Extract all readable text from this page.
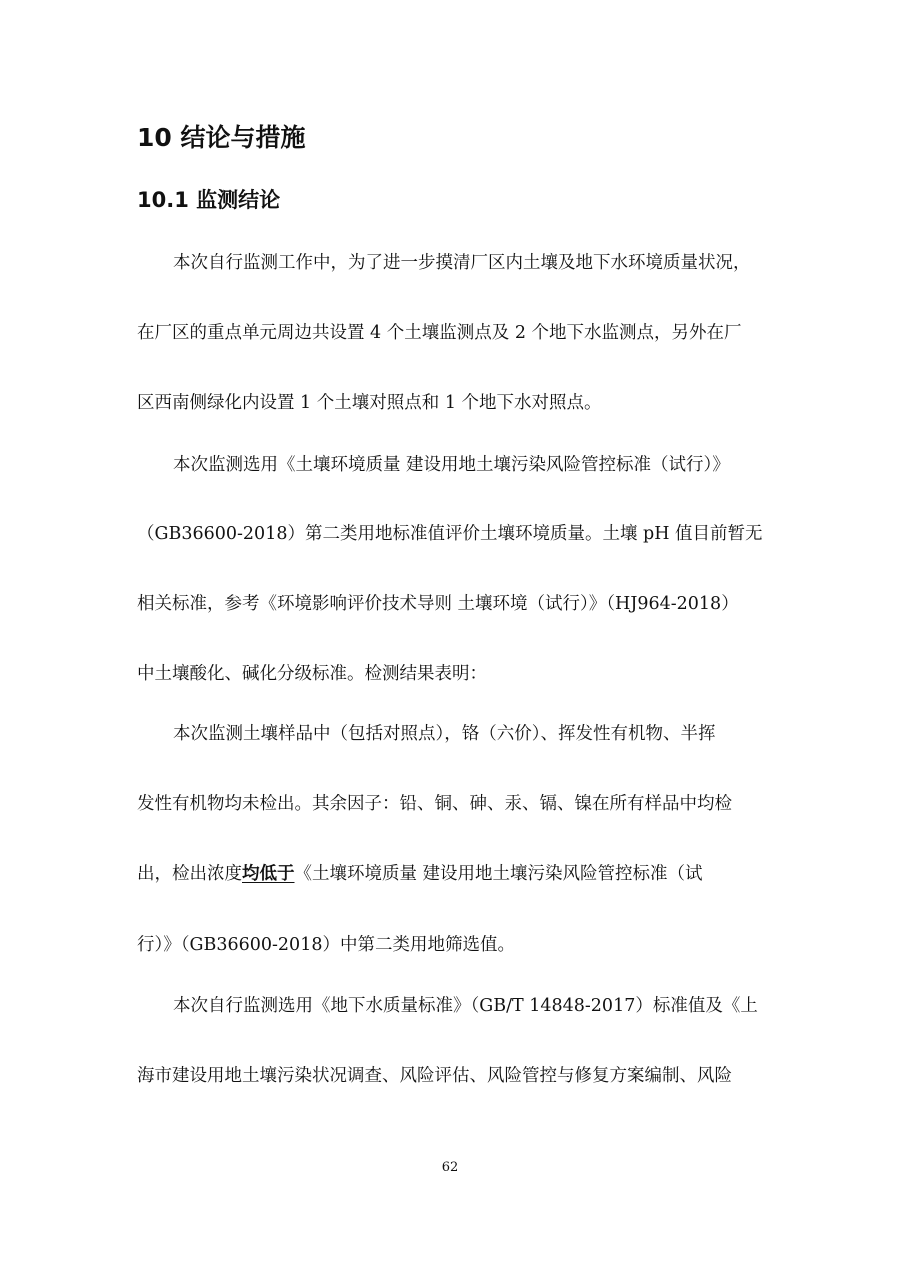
10 结论与措施
10.1 监测结论
本次自行监测工作中，为了进一步摸清厂区内土壤及地下水环境质量状况，
在厂区的重点单元周边共设置 4 个土壤监测点及 2 个地下水监测点，另外在厂
区西南侧绿化内设置 1 个土壤对照点和 1 个地下水对照点。
本次监测选用《土壤环境质量 建设用地土壤污染风险管控标准（试行）》
（GB36600-2018）第二类用地标准值评价土壤环境质量。土壤 pH 值目前暂无
相关标准，参考《环境影响评价技术导则 土壤环境（试行）》（HJ964-2018）
中土壤酸化、碱化分级标准。检测结果表明：
本次监测土壤样品中（包括对照点），铬（六价）、挥发性有机物、半挥
发性有机物均未检出。其余因子：铅、铜、砷、汞、镉、镍在所有样品中均检
出，检出浓度均低于《土壤环境质量 建设用地土壤污染风险管控标准（试
行）》（GB36600-2018）中第二类用地筛选值。
本次自行监测选用《地下水质量标准》（GB/T 14848-2017）标准值及《上
海市建设用地土壤污染状况调查、风险评估、风险管控与修复方案编制、风险
62
